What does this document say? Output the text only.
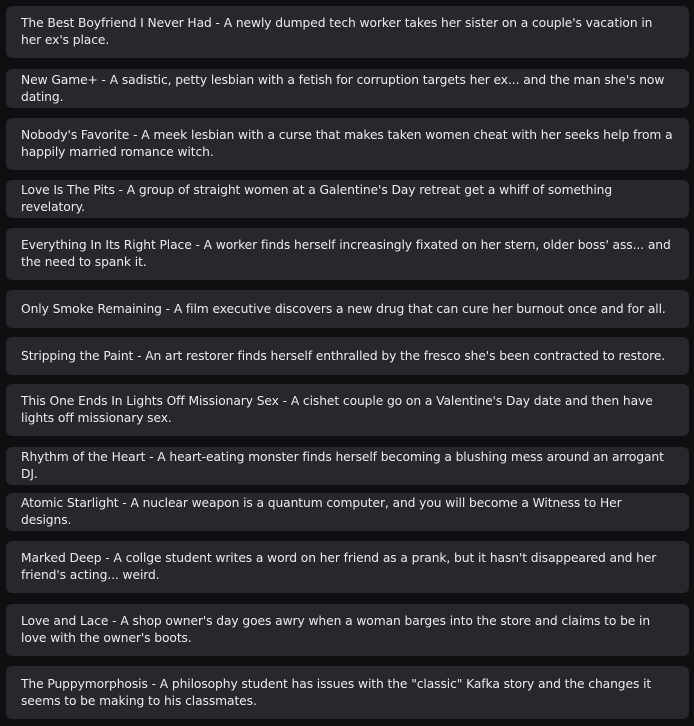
The Best Boyfriend I Never Had - A newly dumped tech worker takes her sister on a couple's vacation in her ex's place.
New Game+ - A sadistic, petty lesbian with a fetish for corruption targets her ex... and the man she's now dating.
Nobody's Favorite - A meek lesbian with a curse that makes taken women cheat with her seeks help from a happily married romance witch.
Love Is The Pits - A group of straight women at a Galentine's Day retreat get a whiff of something revelatory.
Everything In Its Right Place - A worker finds herself increasingly fixated on her stern, older boss' ass... and the need to spank it.
Only Smoke Remaining - A film executive discovers a new drug that can cure her burnout once and for all.
Stripping the Paint - An art restorer finds herself enthralled by the fresco she's been contracted to restore.
This One Ends In Lights Off Missionary Sex - A cishet couple go on a Valentine's Day date and then have lights off missionary sex.
Rhythm of the Heart - A heart-eating monster finds herself becoming a blushing mess around an arrogant DJ.
Atomic Starlight - A nuclear weapon is a quantum computer, and you will become a Witness to Her designs.
Marked Deep - A collge student writes a word on her friend as a prank, but it hasn't disappeared and her friend's acting... weird.
Love and Lace - A shop owner's day goes awry when a woman barges into the store and claims to be in love with the owner's boots.
The Puppymorphosis - A philosophy student has issues with the "classic" Kafka story and the changes it seems to be making to his classmates.
